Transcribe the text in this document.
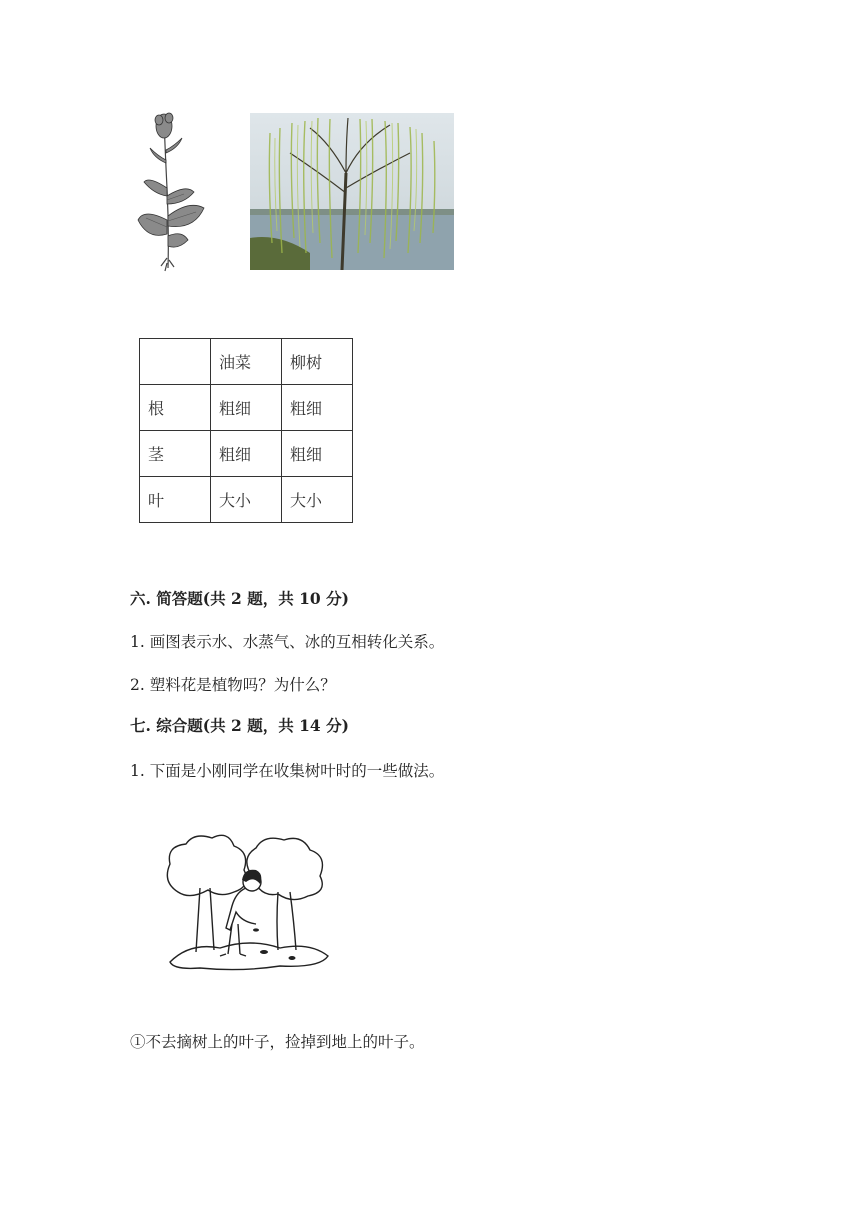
	油菜	柳树
根	粗细	粗细
茎	粗细	粗细
叶	大小	大小
六. 简答题(共 2 题，共 10 分)
1. 画图表示水、水蒸气、冰的互相转化关系。
2. 塑料花是植物吗？为什么？
七. 综合题(共 2 题，共 14 分)
1. 下面是小刚同学在收集树叶时的一些做法。
①不去摘树上的叶子，捡掉到地上的叶子。
